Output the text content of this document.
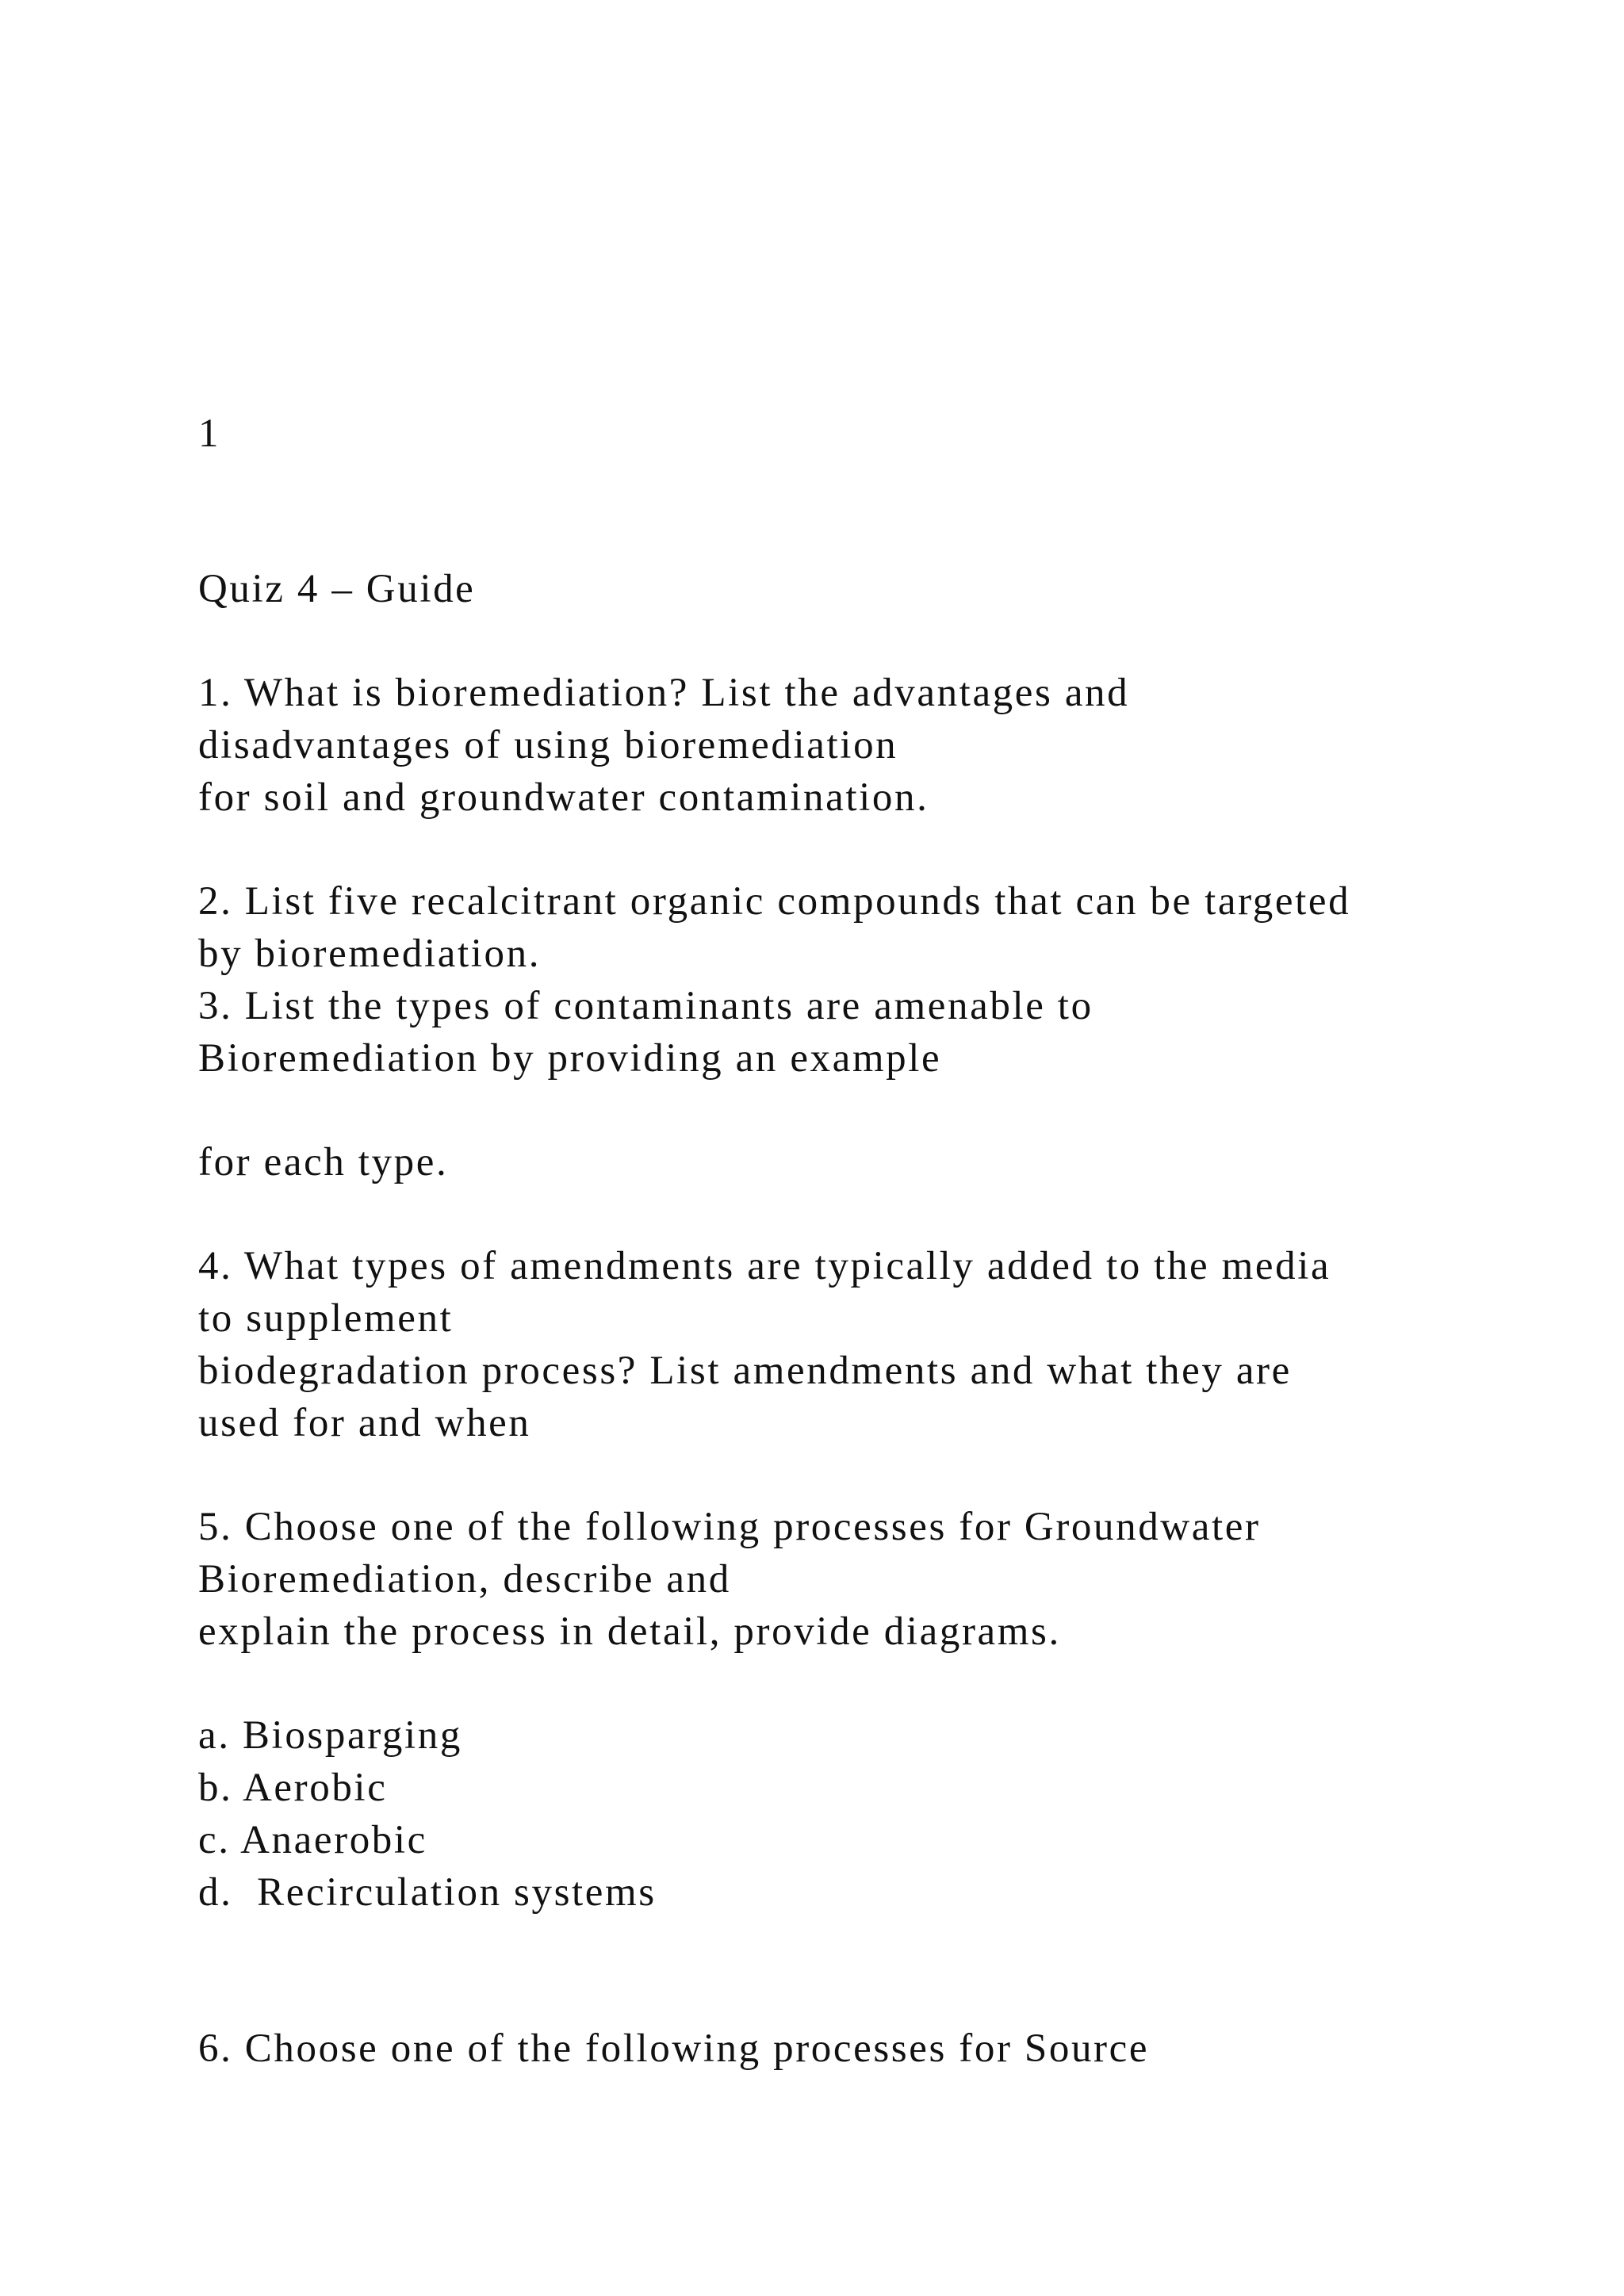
1

Quiz 4 – Guide

1. What is bioremediation? List the advantages and

disadvantages of using bioremediation

for soil and groundwater contamination.

2. List five recalcitrant organic compounds that can be targeted

by bioremediation.

3. List the types of contaminants are amenable to

Bioremediation by providing an example

for each type.

4. What types of amendments are typically added to the media

to supplement

biodegradation process? List amendments and what they are

used for and when

5. Choose one of the following processes for Groundwater

Bioremediation, describe and

explain the process in detail, provide diagrams.

a. Biosparging

b. Aerobic

c. Anaerobic

d.  Recirculation systems

6. Choose one of the following processes for Source
